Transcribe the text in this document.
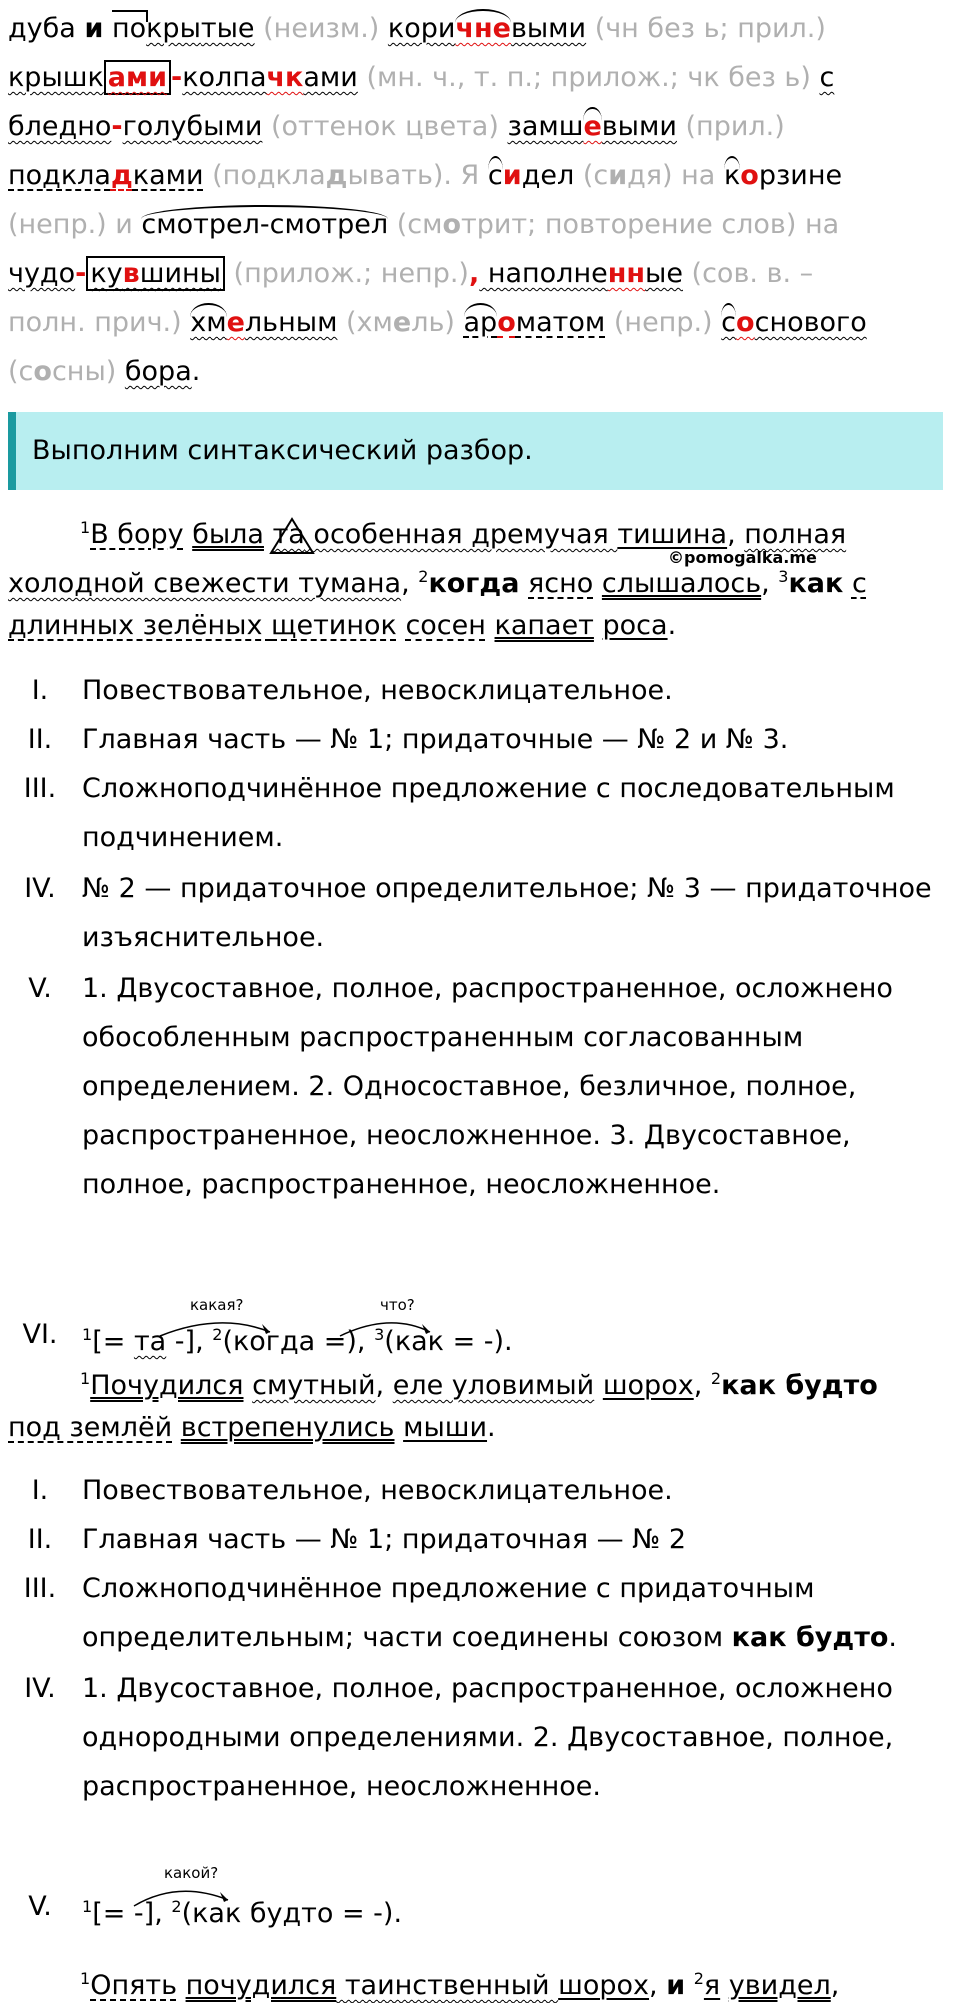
дуба и покрытые (неизм.) коричневыми (чн без ь; прил.)
крышк ами -колпачками (мн. ч., т. п.; прилож.; чк без ь) с
бледно-голубыми (оттенок цвета) замшевыми (прил.)
подкладками (подкладывать). Я сидел (сидя) на корзине
(непр.) и смотрел-смотрел (смотрит; повторение слов) на
чудо- кувшины (прилож.; непр.), наполненные (сов. в. –
полн. прич.) хмельным (хмель) ароматом (непр.) соснового
(сосны) бора.
Выполним синтаксический разбор.
$^1$В бору была та особенная дремучая тишина, полная
©pomogalka.me
холодной свежести тумана, $^2$когда ясно слышалось, $^3$как с
длинных зелёных щетинок сосен капает роса.
I.	Повествовательное, невосклицательное.
II.	Главная часть — № 1; придаточные — № 2 и № 3.
III. Сложноподчинённое предложение с последовательным подчинением.
IV. № 2 — придаточное определительное; № 3 — придаточное изъяснительное.
V.	1. Двусоставное, полное, распространенное, осложнено обособленным распространенным согласованным определением. 2. Односоставное, безличное, полное, распространенное, неосложненное. 3. Двусоставное, полное, распространенное, неосложненное.
VI.
какая?	что?
$^1$[= та -], $^2$(когда =), $^3$(как = -).
$^1$Почудился смутный, еле уловимый шорох, $^2$как будто
под землёй встрепенулись мыши.
I.	Повествовательное, невосклицательное.
II.	Главная часть — № 1; придаточная — № 2
III. Сложноподчинённое предложение с придаточным определительным; части соединены союзом как будто.
IV. 1. Двусоставное, полное, распространенное, осложнено однородными определениями. 2. Двусоставное, полное, распространенное, неосложненное.
V.
какой?
$^1$[= -], $^2$(как будто = -).
$^1$Опять почудился таинственный шорох, и $^2$я увидел,
